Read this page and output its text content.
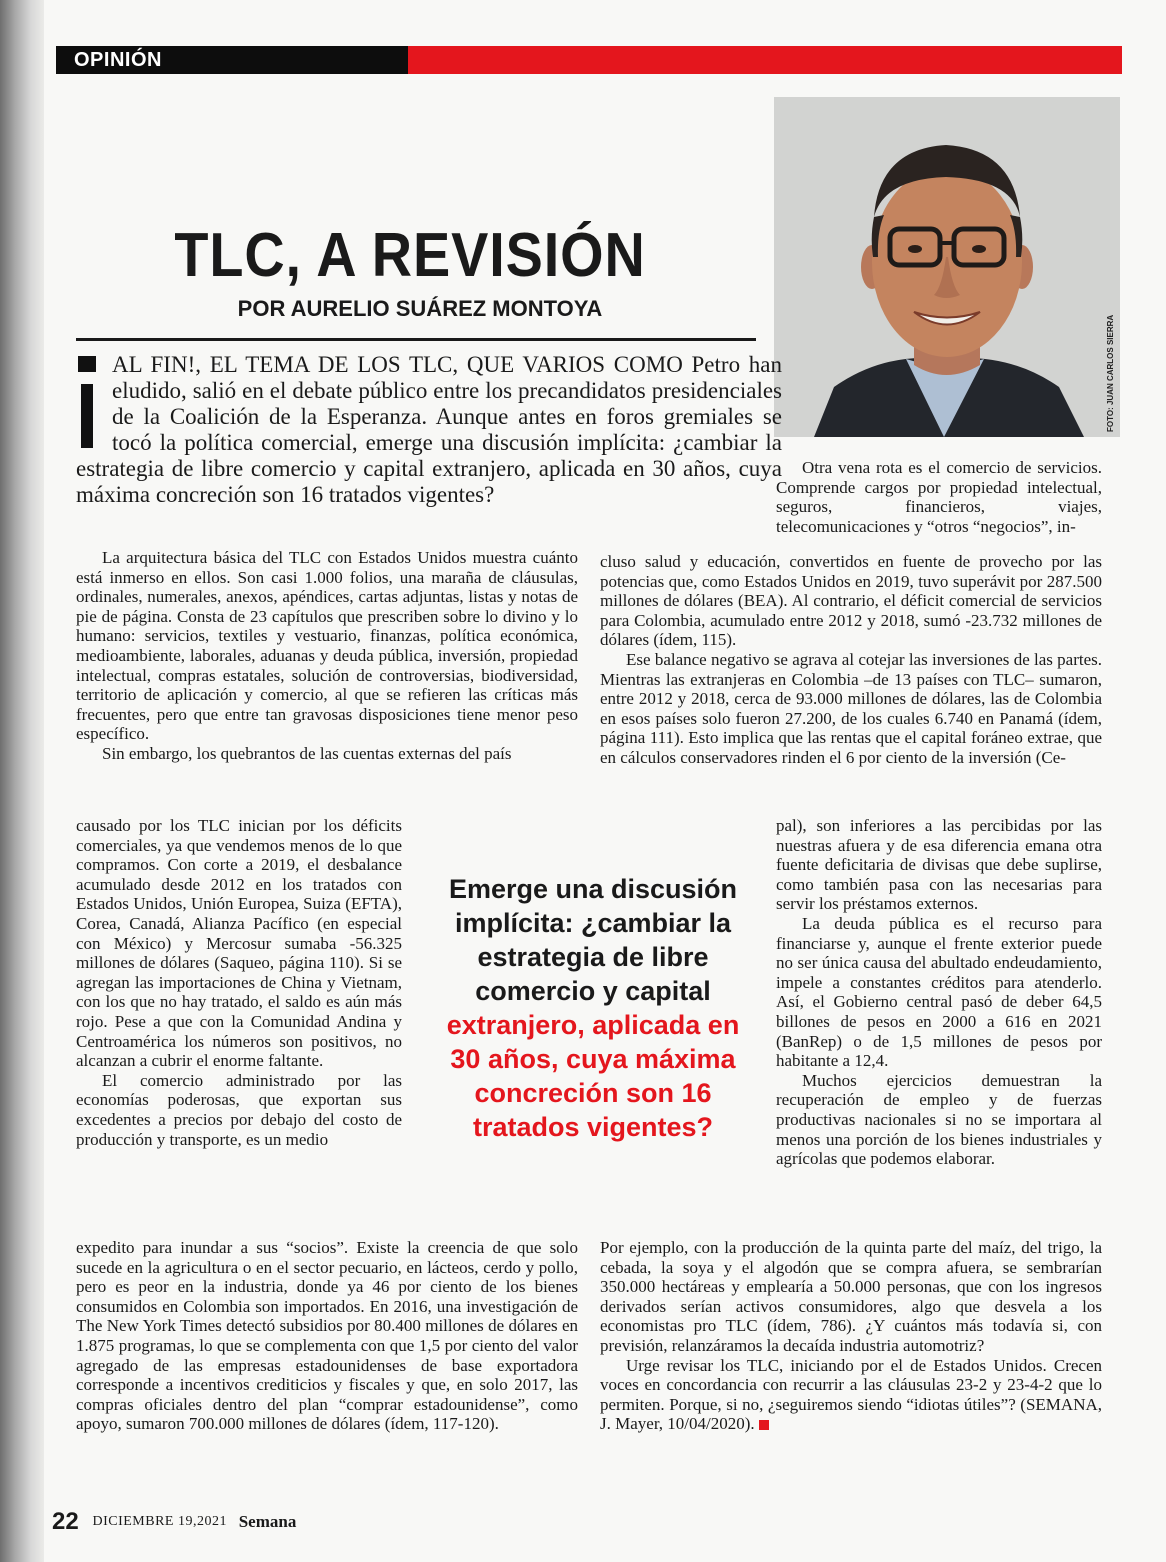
OPINIÓN
TLC, A REVISIÓN
POR AURELIO SUÁREZ MONTOYA
FOTO: JUAN CARLOS SIERRA
AL FIN!, EL TEMA DE LOS TLC, QUE VARIOS COMO Petro han eludido, salió en el debate público entre los precandidatos presidenciales de la Coalición de la Esperanza. Aunque antes en foros gremiales se tocó la política comercial, emerge una discusión implícita: ¿cambiar la estrategia de libre comercio y capital extranjero, aplicada en 30 años, cuya máxima concreción son 16 tratados vigentes?

La arquitectura básica del TLC con Estados Unidos muestra cuánto está inmerso en ellos. Son casi 1.000 folios, una maraña de cláusulas, ordinales, numerales, anexos, apéndices, cartas adjuntas, listas y notas de pie de página. Consta de 23 capítulos que prescriben sobre lo divino y lo humano: servicios, textiles y vestuario, finanzas, política económica, medioambiente, laborales, aduanas y deuda pública, inversión, propiedad intelectual, compras estatales, solución de controversias, biodiversidad, territorio de aplicación y comercio, al que se refieren las críticas más frecuentes, pero que entre tan gravosas disposiciones tiene menor peso específico.

Sin embargo, los quebrantos de las cuentas externas del país

causado por los TLC inician por los déficits comerciales, ya que vendemos menos de lo que compramos. Con corte a 2019, el desbalance acumulado desde 2012 en los tratados con Estados Unidos, Unión Europea, Suiza (EFTA), Corea, Canadá, Alianza Pacífico (en especial con México) y Mercosur sumaba -56.325 millones de dólares (Saqueo, página 110). Si se agregan las importaciones de China y Vietnam, con los que no hay tratado, el saldo es aún más rojo. Pese a que con la Comunidad Andina y Centroamérica los números son positivos, no alcanzan a cubrir el enorme faltante.

El comercio administrado por las economías poderosas, que exportan sus excedentes a precios por debajo del costo de producción y transporte, es un medio

expedito para inundar a sus “socios”. Existe la creencia de que solo sucede en la agricultura o en el sector pecuario, en lácteos, cerdo y pollo, pero es peor en la industria, donde ya 46 por ciento de los bienes consumidos en Colombia son importados. En 2016, una investigación de The New York Times detectó subsidios por 80.400 millones de dólares en 1.875 programas, lo que se complementa con que 1,5 por ciento del valor agregado de las empresas estadounidenses de base exportadora corresponde a incentivos crediticios y fiscales y que, en solo 2017, las compras oficiales dentro del plan “comprar estadounidense”, como apoyo, sumaron 700.000 millones de dólares (ídem, 117-120).

Otra vena rota es el comercio de servicios. Comprende cargos por propiedad intelectual, seguros, financieros, viajes, telecomunicaciones y “otros “negocios”, in-

cluso salud y educación, convertidos en fuente de provecho por las potencias que, como Estados Unidos en 2019, tuvo superávit por 287.500 millones de dólares (BEA). Al contrario, el déficit comercial de servicios para Colombia, acumulado entre 2012 y 2018, sumó -23.732 millones de dólares (ídem, 115).

Ese balance negativo se agrava al cotejar las inversiones de las partes. Mientras las extranjeras en Colombia –de 13 países con TLC– sumaron, entre 2012 y 2018, cerca de 93.000 millones de dólares, las de Colombia en esos países solo fueron 27.200, de los cuales 6.740 en Panamá (ídem, página 111). Esto implica que las rentas que el capital foráneo extrae, que en cálculos conservadores rinden el 6 por ciento de la inversión (Ce-

pal), son inferiores a las percibidas por las nuestras afuera y de esa diferencia emana otra fuente deficitaria de divisas que debe suplirse, como también pasa con las necesarias para servir los préstamos externos.

La deuda pública es el recurso para financiarse y, aunque el frente exterior puede no ser única causa del abultado endeudamiento, impele a constantes créditos para atenderlo. Así, el Gobierno central pasó de deber 64,5 billones de pesos en 2000 a 616 en 2021 (BanRep) o de 1,5 millones de pesos por habitante a 12,4.

Muchos ejercicios demuestran la recuperación de empleo y de fuerzas productivas nacionales si no se importara al menos una porción de los bienes industriales y agrícolas que podemos elaborar.

Por ejemplo, con la producción de la quinta parte del maíz, del trigo, la cebada, la soya y el algodón que se compra afuera, se sembrarían 350.000 hectáreas y emplearía a 50.000 personas, que con los ingresos derivados serían activos consumidores, algo que desvela a los economistas pro TLC (ídem, 786). ¿Y cuántos más todavía si, con previsión, relanzáramos la decaída industria automotriz?

Urge revisar los TLC, iniciando por el de Estados Unidos. Crecen voces en concordancia con recurrir a las cláusulas 23-2 y 23-4-2 que lo permiten. Porque, si no, ¿seguiremos siendo “idiotas útiles”? (SEMANA, J. Mayer, 10/04/2020).

Emerge una discusión implícita: ¿cambiar la estrategia de libre comercio y capital extranjero, aplicada en 30 años, cuya máxima concreción son 16 tratados vigentes?
22 DICIEMBRE 19,2021 Semana
